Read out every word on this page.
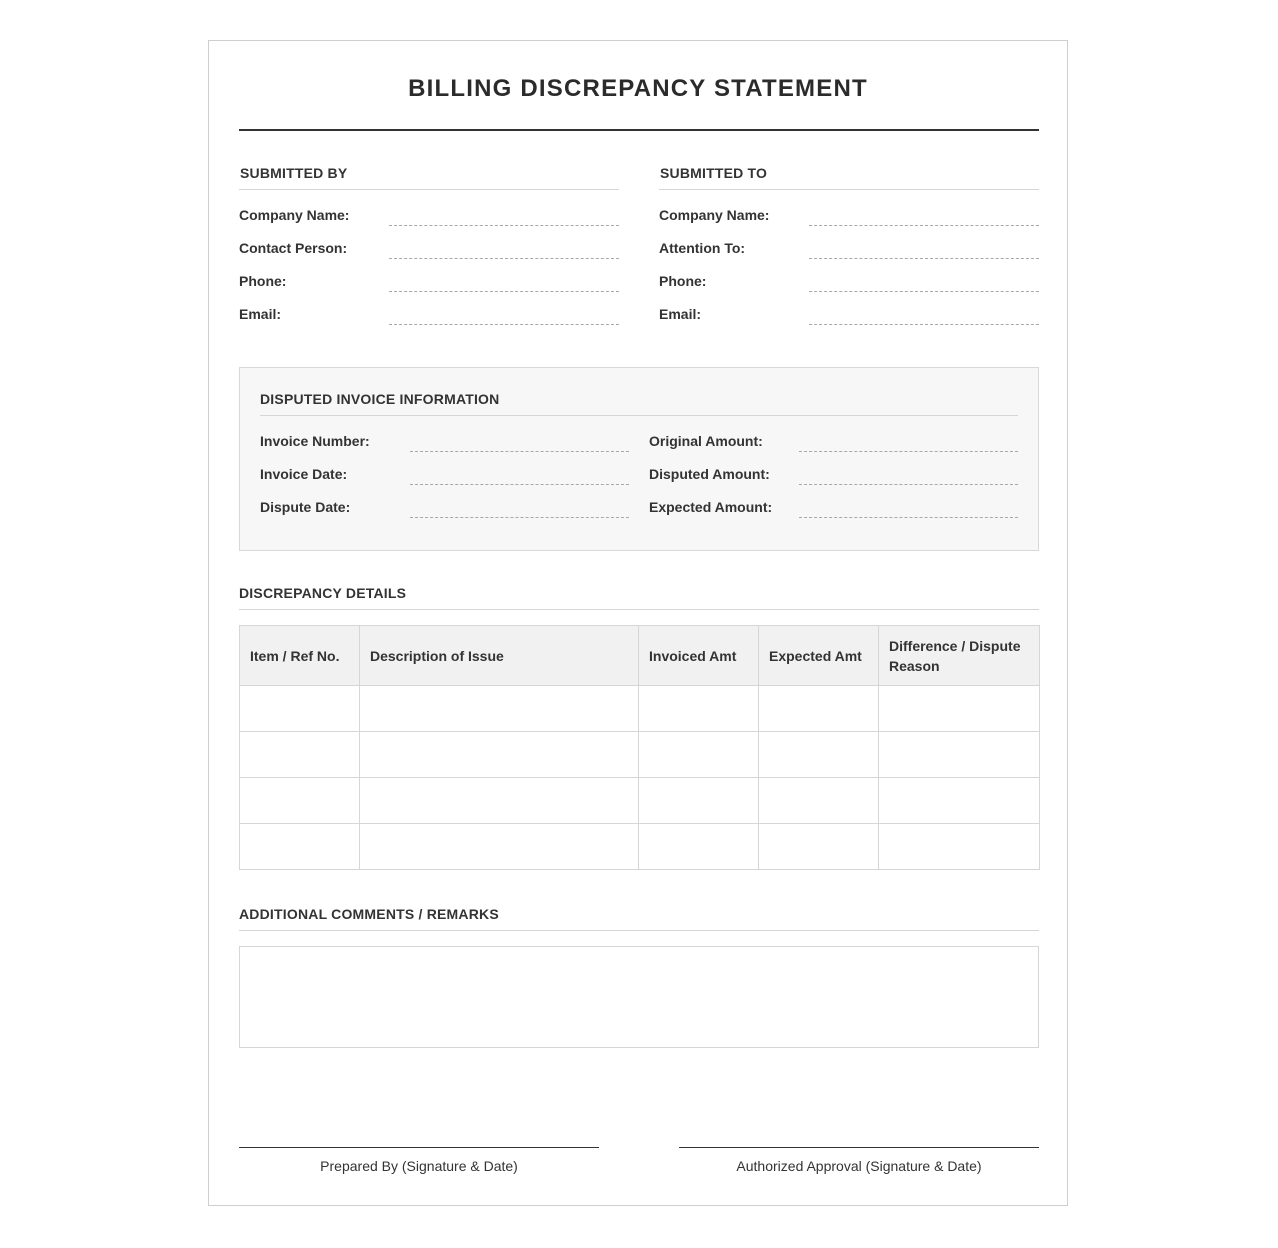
BILLING DISCREPANCY STATEMENT
SUBMITTED BY
Company Name:
Contact Person:
Phone:
Email:
SUBMITTED TO
Company Name:
Attention To:
Phone:
Email:
DISPUTED INVOICE INFORMATION
Invoice Number:
Invoice Date:
Dispute Date:
Original Amount:
Disputed Amount:
Expected Amount:
DISCREPANCY DETAILS
Item / Ref No.	Description of Issue	Invoiced Amt	Expected Amt	Difference / Dispute Reason

ADDITIONAL COMMENTS / REMARKS
Prepared By (Signature & Date)	Authorized Approval (Signature & Date)
